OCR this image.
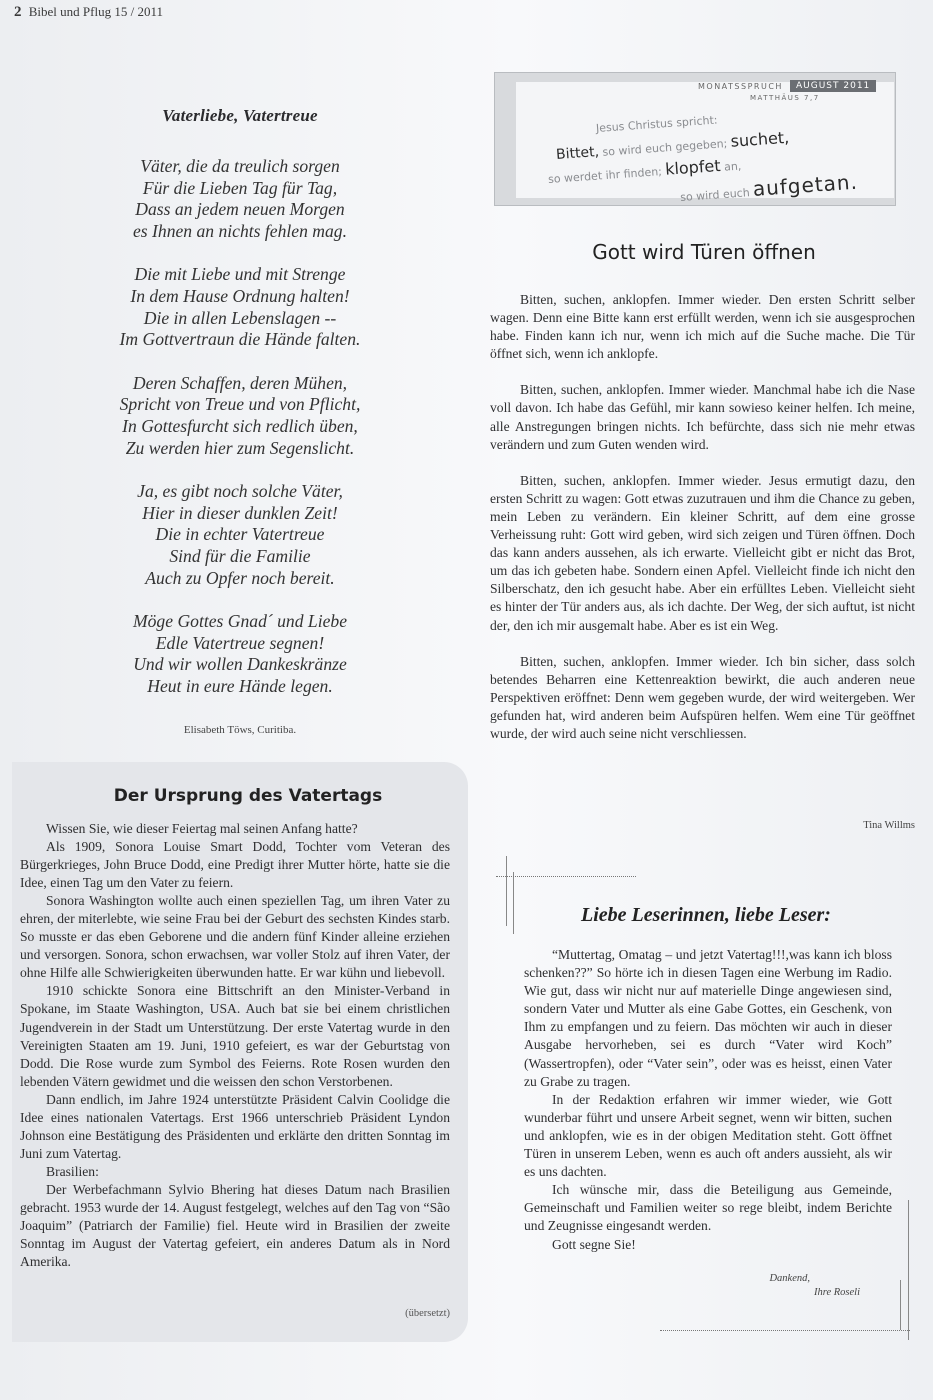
2 Bibel und Pflug 15 / 2011
Vaterliebe, Vatertreue
Väter, die da treulich sorgen
Für die Lieben Tag für Tag,
Dass an jedem neuen Morgen
es Ihnen an nichts fehlen mag.
Die mit Liebe und mit Strenge
In dem Hause Ordnung halten!
Die in allen Lebenslagen --
Im Gottvertraun die Hände falten.
Deren Schaffen, deren Mühen,
Spricht von Treue und von Pflicht,
In Gottesfurcht sich redlich üben,
Zu werden hier zum Segenslicht.
Ja, es gibt noch solche Väter,
Hier in dieser dunklen Zeit!
Die in echter Vatertreue
Sind für die Familie
Auch zu Opfer noch bereit.
Möge Gottes Gnad´ und Liebe
Edle Vatertreue segnen!
Und wir wollen Dankeskränze
Heut in eure Hände legen.
Elisabeth Töws, Curitiba.
Der Ursprung des Vatertags

Wissen Sie, wie dieser Feiertag mal seinen Anfang hatte?

Als 1909, Sonora Louise Smart Dodd, Tochter vom Veteran des Bürgerkrieges, John Bruce Dodd, eine Predigt ihrer Mutter hörte, hatte sie die Idee, einen Tag um den Vater zu feiern.

Sonora Washington wollte auch einen speziellen Tag, um ihren Vater zu ehren, der miterlebte, wie seine Frau bei der Geburt des sechsten Kindes starb. So musste er das eben Geborene und die andern fünf Kinder alleine erziehen und versorgen. Sonora, schon erwachsen, war voller Stolz auf ihren Vater, der ohne Hilfe alle Schwierigkeiten überwunden hatte. Er war kühn und liebevoll.

1910 schickte Sonora eine Bittschrift an den Minister-Verband in Spokane, im Staate Washington, USA. Auch bat sie bei einem christlichen Jugendverein in der Stadt um Unterstützung. Der erste Vatertag wurde in den Vereinigten Staaten am 19. Juni, 1910 gefeiert, es war der Geburtstag von Dodd. Die Rose wurde zum Symbol des Feierns. Rote Rosen wurden den lebenden Vätern gewidmet und die weissen den schon Verstorbenen.

Dann endlich, im Jahre 1924 unterstützte Präsident Calvin Coolidge die Idee eines nationalen Vatertags. Erst 1966 unterschrieb Präsident Lyndon Johnson eine Bestätigung des Präsidenten und erklärte den dritten Sonntag im Juni zum Vatertag.

Brasilien:

Der Werbefachmann Sylvio Bhering hat dieses Datum nach Brasilien gebracht. 1953 wurde der 14. August festgelegt, welches auf den Tag von “São Joaquim” (Patriarch der Familie) fiel. Heute wird in Brasilien der zweite Sonntag im August der Vatertag gefeiert, ein anderes Datum als in Nord Amerika.

(übersetzt)
MONATSSPRUCH	AUGUST 2011
MATTHÄUS 7,7
Jesus Christus spricht:
Bittet, so wird euch gegeben; suchet,
so werdet ihr finden; klopfet an,
so wird euch aufgetan.
Gott wird Türen öffnen

Bitten, suchen, anklopfen. Immer wieder. Den ersten Schritt selber wagen. Denn eine Bitte kann erst erfüllt werden, wenn ich sie ausgesprochen habe. Finden kann ich nur, wenn ich mich auf die Suche mache. Die Tür öffnet sich, wenn ich anklopfe.

Bitten, suchen, anklopfen. Immer wieder. Manchmal habe ich die Nase voll davon. Ich habe das Gefühl, mir kann sowieso keiner helfen. Ich meine, alle Anstregungen bringen nichts. Ich befürchte, dass sich nie mehr etwas verändern und zum Guten wenden wird.

Bitten, suchen, anklopfen. Immer wieder. Jesus ermutigt dazu, den ersten Schritt zu wagen: Gott etwas zuzutrauen und ihm die Chance zu geben, mein Leben zu verändern. Ein kleiner Schritt, auf dem eine grosse Verheissung ruht: Gott wird geben, wird sich zeigen und Türen öffnen. Doch das kann anders aussehen, als ich erwarte. Vielleicht gibt er nicht das Brot, um das ich gebeten habe. Sondern einen Apfel. Vielleicht finde ich nicht den Silberschatz, den ich gesucht habe. Aber ein erfülltes Leben. Vielleicht sieht es hinter der Tür anders aus, als ich dachte. Der Weg, der sich auftut, ist nicht der, den ich mir ausgemalt habe. Aber es ist ein Weg.

Bitten, suchen, anklopfen. Immer wieder. Ich bin sicher, dass solch betendes Beharren eine Kettenreaktion bewirkt, die auch anderen neue Perspektiven eröffnet: Denn wem gegeben wurde, der wird weitergeben. Wer gefunden hat, wird anderen beim Aufspüren helfen. Wem eine Tür geöffnet wurde, der wird auch seine nicht verschliessen.

Tina Willms
Liebe Leserinnen, liebe Leser:

“Muttertag, Omatag – und jetzt Vatertag!!!,was kann ich bloss schenken??” So hörte ich in diesen Tagen eine Werbung im Radio. Wie gut, dass wir nicht nur auf materielle Dinge angewiesen sind, sondern Vater und Mutter als eine Gabe Gottes, ein Geschenk, von Ihm zu empfangen und zu feiern. Das möchten wir auch in dieser Ausgabe hervorheben, sei es durch “Vater wird Koch” (Wassertropfen), oder “Vater sein”, oder was es heisst, einen Vater zu Grabe zu tragen.

In der Redaktion erfahren wir immer wieder, wie Gott wunderbar führt und unsere Arbeit segnet, wenn wir bitten, suchen und anklopfen, wie es in der obigen Meditation steht. Gott öffnet Türen in unserem Leben, wenn es auch oft anders aussieht, als wir es uns dachten.

Ich wünsche mir, dass die Beteiligung aus Gemeinde, Gemeinschaft und Familien weiter so rege bleibt, indem Berichte und Zeugnisse eingesandt werden.

Gott segne Sie!

Dankend,
Ihre Roseli
